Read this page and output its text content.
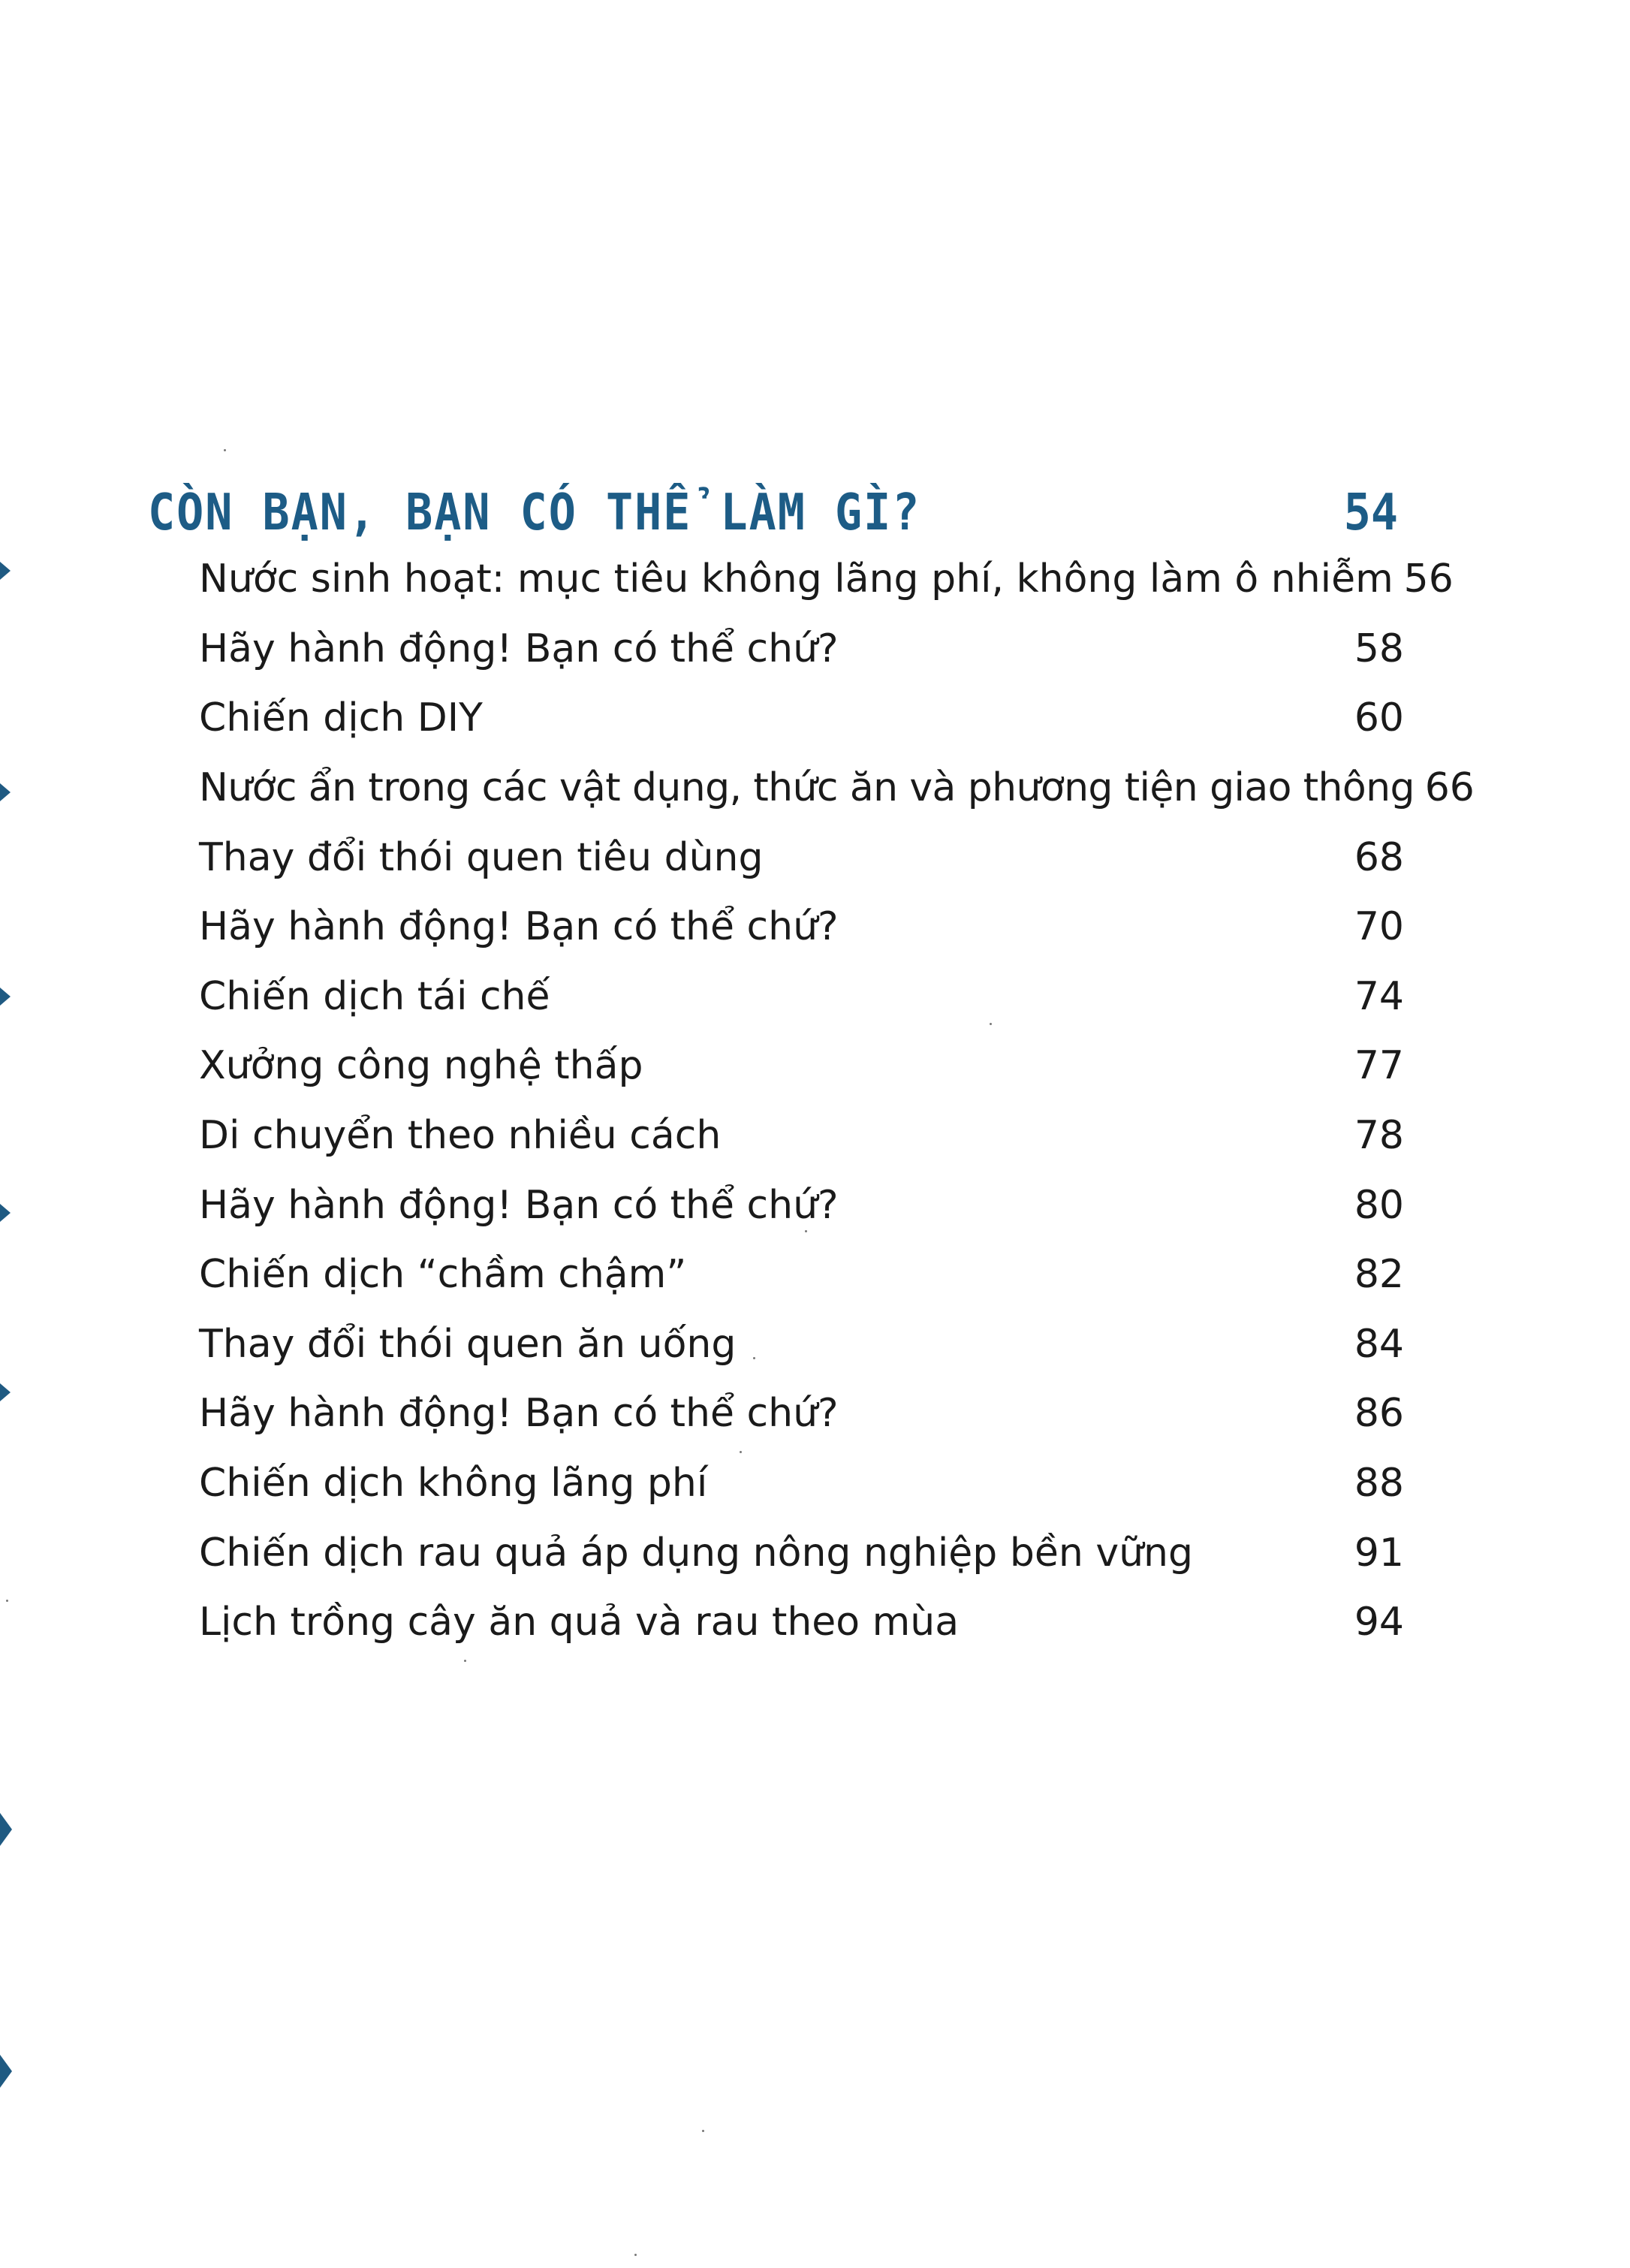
CÒN BẠN, BẠN CÓ THỂ LÀM GÌ?	54
Nước sinh hoạt: mục tiêu không lãng phí, không làm ô nhiễm 56
Hãy hành động! Bạn có thể chứ?	58
Chiến dịch DIY	60
Nước ẩn trong các vật dụng, thức ăn và phương tiện giao thông 66
Thay đổi thói quen tiêu dùng	68
Hãy hành động! Bạn có thể chứ?	70
Chiến dịch tái chế	74
Xưởng công nghệ thấp	77
Di chuyển theo nhiều cách	78
Hãy hành động! Bạn có thể chứ?	80
Chiến dịch “chầm chậm”	82
Thay đổi thói quen ăn uống	84
Hãy hành động! Bạn có thể chứ?	86
Chiến dịch không lãng phí	88
Chiến dịch rau quả áp dụng nông nghiệp bền vững	91
Lịch trồng cây ăn quả và rau theo mùa	94
